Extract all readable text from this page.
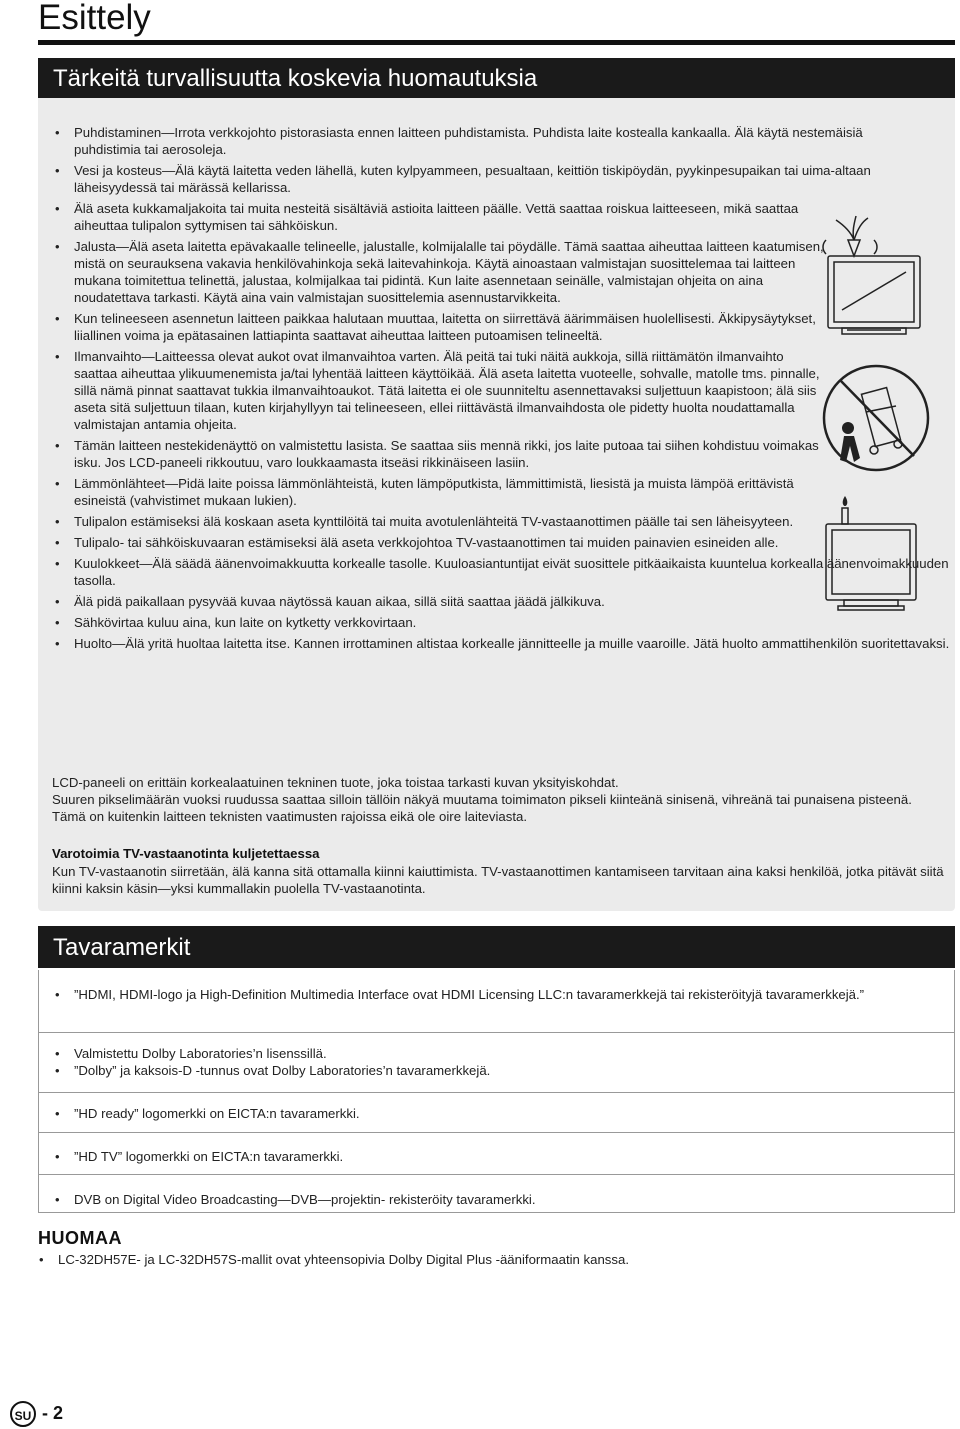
Esittely
Tärkeitä turvallisuutta koskevia huomautuksia
• Puhdistaminen—Irrota verkkojohto pistorasiasta ennen laitteen puhdistamista. Puhdista laite kostealla kankaalla. Älä käytä nestemäisiä puhdistimia tai aerosoleja.
• Vesi ja kosteus—Älä käytä laitetta veden lähellä, kuten kylpyammeen, pesualtaan, keittiön tiskipöydän, pyykinpesupaikan tai uima-altaan läheisyydessä tai märässä kellarissa.
• Älä aseta kukkamaljakoita tai muita nesteitä sisältäviä astioita laitteen päälle. Vettä saattaa roiskua laitteeseen, mikä saattaa aiheuttaa tulipalon syttymisen tai sähköiskun.
• Jalusta—Älä aseta laitetta epävakaalle telineelle, jalustalle, kolmijalalle tai pöydälle. Tämä saattaa aiheuttaa laitteen kaatumisen, mistä on seurauksena vakavia henkilövahinkoja sekä laitevahinkoja. Käytä ainoastaan valmistajan suosittelemaa tai laitteen mukana toimitettua telinettä, jalustaa, kolmijalkaa tai pidintä. Kun laite asennetaan seinälle, valmistajan ohjeita on aina noudatettava tarkasti. Käytä aina vain valmistajan suosittelemia asennustarvikkeita.
• Kun telineeseen asennetun laitteen paikkaa halutaan muuttaa, laitetta on siirrettävä äärimmäisen huolellisesti. Äkkipysäytykset, liiallinen voima ja epätasainen lattiapinta saattavat aiheuttaa laitteen putoamisen telineeltä.
• Ilmanvaihto—Laitteessa olevat aukot ovat ilmanvaihtoa varten. Älä peitä tai tuki näitä aukkoja, sillä riittämätön ilmanvaihto saattaa aiheuttaa ylikuumenemista ja/tai lyhentää laitteen käyttöikää. Älä aseta laitetta vuoteelle, sohvalle, matolle tms. pinnalle, sillä nämä pinnat saattavat tukkia ilmanvaihtoaukot. Tätä laitetta ei ole suunniteltu asennettavaksi suljettuun kaapistoon; älä siis aseta sitä suljettuun tilaan, kuten kirjahyllyyn tai telineeseen, ellei riittävästä ilmanvaihdosta ole pidetty huolta noudattamalla valmistajan antamia ohjeita.
• Tämän laitteen nestekidenäyttö on valmistettu lasista. Se saattaa siis mennä rikki, jos laite putoaa tai siihen kohdistuu voimakas isku. Jos LCD-paneeli rikkoutuu, varo loukkaamasta itseäsi rikkinäiseen lasiin.
• Lämmönlähteet—Pidä laite poissa lämmönlähteistä, kuten lämpöputkista, lämmittimistä, liesistä ja muista lämpöä erittävistä esineistä (vahvistimet mukaan lukien).
• Tulipalon estämiseksi älä koskaan aseta kynttilöitä tai muita avotulenlähteitä TV-vastaanottimen päälle tai sen läheisyyteen.
• Tulipalo- tai sähköiskuvaaran estämiseksi älä aseta verkkojohtoa TV-vastaanottimen tai muiden painavien esineiden alle.
• Kuulokkeet—Älä säädä äänenvoimakkuutta korkealle tasolle. Kuuloasiantuntijat eivät suosittele pitkäaikaista kuuntelua korkealla äänenvoimakkuuden tasolla.
• Älä pidä paikallaan pysyvää kuvaa näytössä kauan aikaa, sillä siitä saattaa jäädä jälkikuva.
• Sähkövirtaa kuluu aina, kun laite on kytketty verkkovirtaan.
• Huolto—Älä yritä huoltaa laitetta itse. Kannen irrottaminen altistaa korkealle jännitteelle ja muille vaaroille. Jätä huolto ammattihenkilön suoritettavaksi.

LCD-paneeli on erittäin korkealaatuinen tekninen tuote, joka toistaa tarkasti kuvan yksityiskohdat.
Suuren pikselimäärän vuoksi ruudussa saattaa silloin tällöin näkyä muutama toimimaton pikseli kiinteänä sinisenä, vihreänä tai punaisena pisteenä. Tämä on kuitenkin laitteen teknisten vaatimusten rajoissa eikä ole oire laiteviasta.

Varotoimia TV-vastaanotinta kuljetettaessa

Kun TV-vastaanotin siirretään, älä kanna sitä ottamalla kiinni kaiuttimista. TV-vastaanottimen kantamiseen tarvitaan aina kaksi henkilöä, jotka pitävät siitä kiinni kaksin käsin—yksi kummallakin puolella TV-vastaanotinta.

Tavaramerkit
• ”HDMI, HDMI-logo ja High-Definition Multimedia Interface ovat HDMI Licensing LLC:n tavaramerkkejä tai rekisteröityjä tavaramerkkejä.”
• Valmistettu Dolby Laboratories’n lisenssillä.
• ”Dolby” ja kaksois-D -tunnus ovat Dolby Laboratories’n tavaramerkkejä.
• ”HD ready” logomerkki on EICTA:n tavaramerkki.
• ”HD TV” logomerkki on EICTA:n tavaramerkki.
• DVB on Digital Video Broadcasting—DVB—projektin- rekisteröity tavaramerkki.
HUOMAA
• LC-32DH57E- ja LC-32DH57S-mallit ovat yhteensopivia Dolby Digital Plus -ääniformaatin kanssa.
SU - 2
